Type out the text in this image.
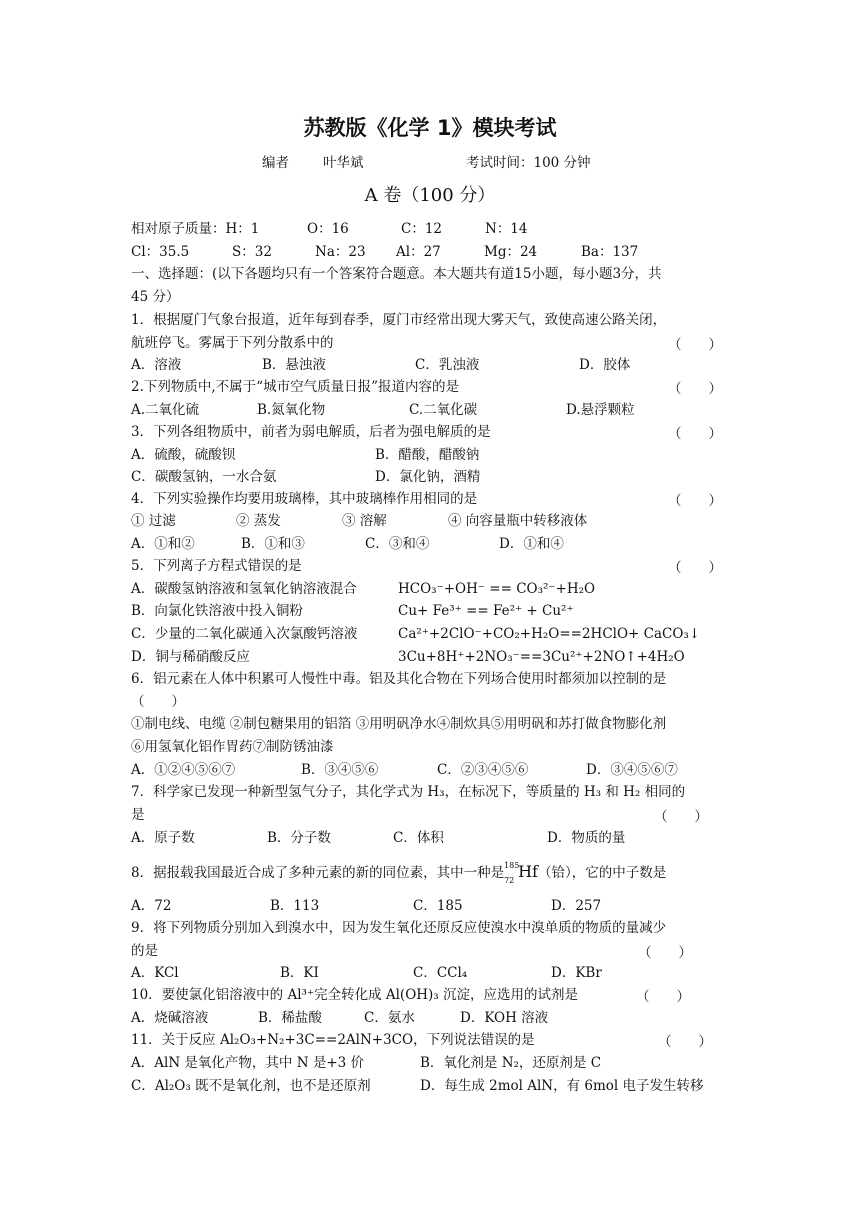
苏教版《化学 1》模块考试
编者	叶华斌	考试时间：100 分钟
A 卷（100 分）
相对原子质量：H：1	O：16	C：12	N：14
Cl：35.5	S：32	Na：23 Al：27	Mg：24	Ba：137
一、选择题：(以下各题均只有一个答案符合题意。本大题共有道15小题，每小题3分，共
45 分）
1．根据厦门气象台报道，近年每到春季，厦门市经常出现大雾天气，致使高速公路关闭，
航班停飞。雾属于下列分散系中的	（　　）
A．溶液	B．悬浊液	C．乳浊液	D．胶体
2.下列物质中,不属于“城市空气质量日报”报道内容的是	（　　）
A.二氧化硫	B.氮氧化物	C.二氧化碳	D.悬浮颗粒
3．下列各组物质中，前者为弱电解质，后者为强电解质的是	（　　）
A．硫酸，硫酸钡	B．醋酸，醋酸钠
C．碳酸氢钠，一水合氨	D．氯化钠，酒精
4．下列实验操作均要用玻璃棒，其中玻璃棒作用相同的是	（　　）
① 过滤	② 蒸发	③ 溶解	④ 向容量瓶中转移液体
A．①和②	B．①和③	C．③和④	D．①和④
5．下列离子方程式错误的是	（　　）
A．碳酸氢钠溶液和氢氧化钠溶液混合	HCO₃⁻+OH⁻ == CO₃²⁻+H₂O
B．向氯化铁溶液中投入铜粉	Cu+ Fe³⁺ == Fe²⁺ + Cu²⁺
C．少量的二氧化碳通入次氯酸钙溶液	Ca²⁺+2ClO⁻+CO₂+H₂O==2HClO+ CaCO₃↓
D．铜与稀硝酸反应	3Cu+8H⁺+2NO₃⁻==3Cu²⁺+2NO↑+4H₂O
6．铝元素在人体中积累可人慢性中毒。铝及其化合物在下列场合使用时都须加以控制的是
（　　）
①制电线、电缆 ②制包糖果用的铝箔 ③用明矾净水④制炊具⑤用明矾和苏打做食物膨化剂
⑥用氢氧化铝作胃药⑦制防锈油漆
A．①②④⑤⑥⑦	B．③④⑤⑥	C．②③④⑤⑥	D．③④⑤⑥⑦
7．科学家已发现一种新型氢气分子，其化学式为 H₃，在标况下，等质量的 H₃ 和 H₂ 相同的
是	（　　）
A．原子数	B．分子数	C．体积	D．物质的量
8．据报载我国最近合成了多种元素的新的同位素，其中一种是 185
72 Hf（铪），它的中子数是
A．72	B．113	C．185	D．257
9．将下列物质分别加入到溴水中，因为发生氧化还原反应使溴水中溴单质的物质的量减少
的是	（　　）
A．KCl	B．KI	C．CCl₄	D．KBr
10．要使氯化铝溶液中的 Al³⁺完全转化成 Al(OH)₃ 沉淀，应选用的试剂是	（　　）
A．烧碱溶液	B．稀盐酸	C．氨水	D．KOH 溶液
11．关于反应 Al₂O₃+N₂+3C==2AlN+3CO，下列说法错误的是	（　　）
A．AlN 是氧化产物，其中 N 是+3 价	B．氧化剂是 N₂，还原剂是 C
C．Al₂O₃ 既不是氧化剂，也不是还原剂	D．每生成 2mol AlN，有 6mol 电子发生转移
